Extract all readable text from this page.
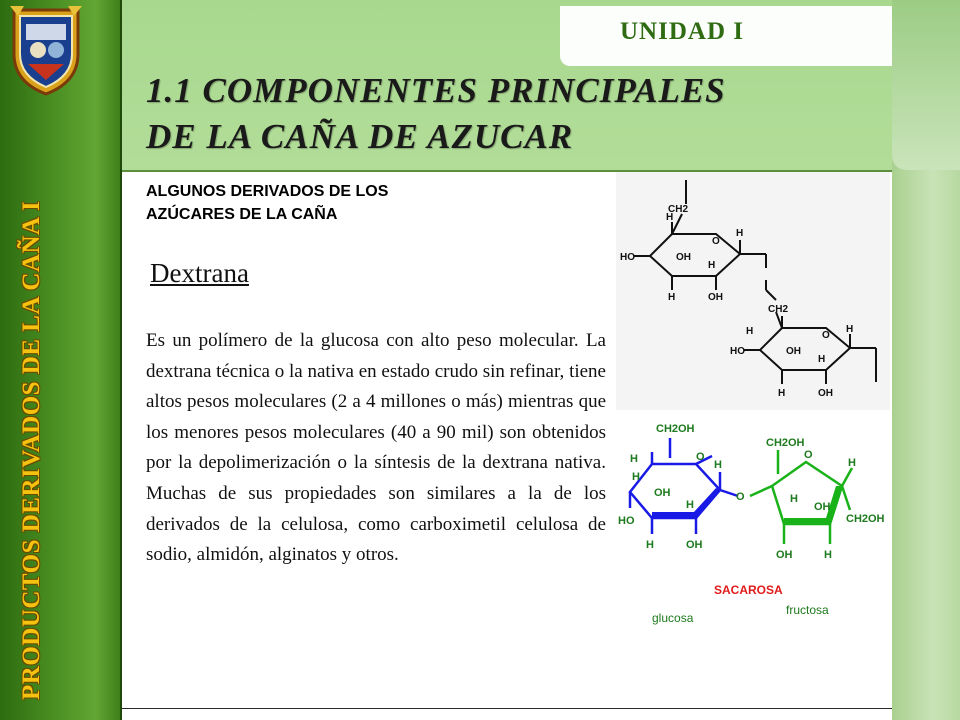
PRODUCTOS DERIVADOS DE LA CAÑA I
UNIDAD I
1.1 COMPONENTES PRINCIPALES
DE LA CAÑA DE AZUCAR
ALGUNOS DERIVADOS DE LOS
AZÚCARES DE LA CAÑA
Dextrana

Es un polímero de la glucosa con alto peso molecular. La dextrana técnica o la nativa en estado crudo sin refinar, tiene altos pesos moleculares (2 a 4 millones o más) mientras que los menores pesos moleculares (40 a 90 mil) son obtenidos por la depolimerización o la síntesis de la dextrana nativa. Muchas de sus propiedades son similares a la de los derivados de la celulosa, como carboximetil celulosa de sodio, almidón, alginatos y otros.

CH2
O
H
H
HO	OH
H
H	OH
CH2
O
H	H
HO	OH
H
H	OH
CH2OH
O
H	H
OH
H
HO
H
H	OH
O
CH2OH
O
H
H
OH
CH2OH
OH	H
SACAROSA
glucosa
fructosa
